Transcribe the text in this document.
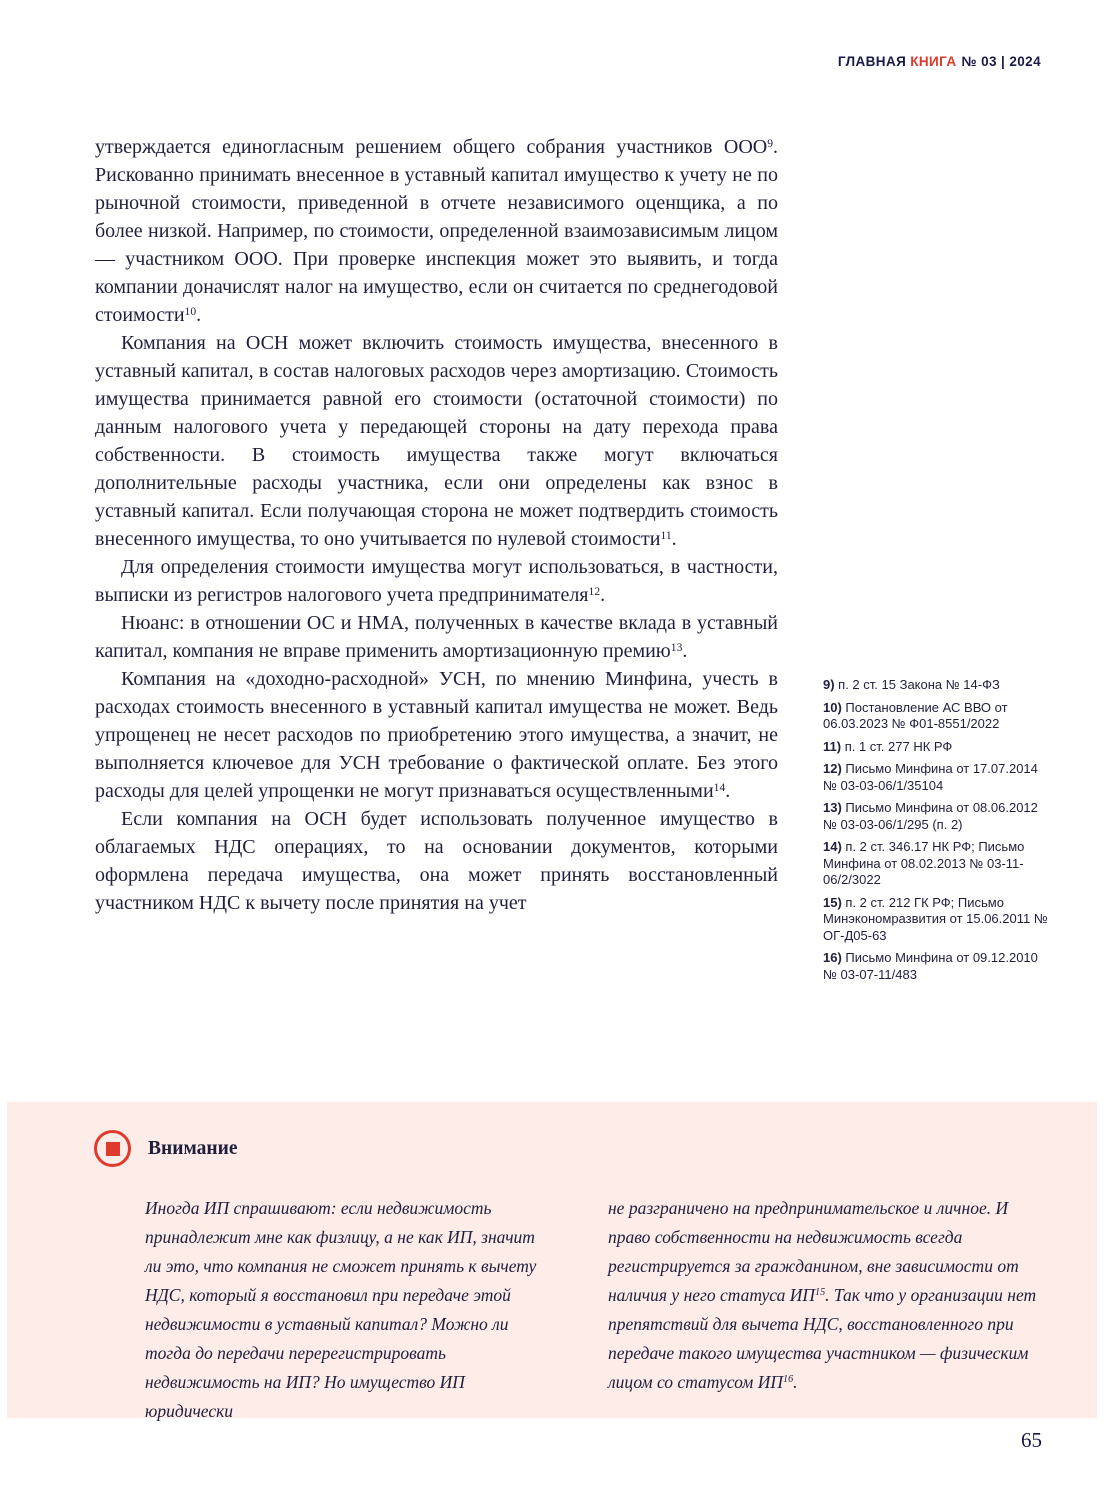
ГЛАВНАЯ КНИГА № 03 | 2024

утверждается единогласным решением общего собрания участников ООО$^9$. Рискованно принимать внесенное в уставный капитал имущество к учету не по рыночной стоимости, приведенной в отчете независимого оценщика, а по более низкой. Например, по стоимости, определенной взаимозависимым лицом — участником ООО. При проверке инспекция может это выявить, и тогда компании доначислят налог на имущество, если он считается по среднегодовой стоимости$^{10}$.

Компания на ОСН может включить стоимость имущества, внесенного в уставный капитал, в состав налоговых расходов через амортизацию. Стоимость имущества принимается равной его стоимости (остаточной стоимости) по данным налогового учета у передающей стороны на дату перехода права собственности. В стоимость имущества также могут включаться дополнительные расходы участника, если они определены как взнос в уставный капитал. Если получающая сторона не может подтвердить стоимость внесенного имущества, то оно учитывается по нулевой стоимости$^{11}$.

Для определения стоимости имущества могут использоваться, в частности, выписки из регистров налогового учета предпринимателя$^{12}$.

Нюанс: в отношении ОС и НМА, полученных в качестве вклада в уставный капитал, компания не вправе применить амортизационную премию$^{13}$.

Компания на «доходно-расходной» УСН, по мнению Минфина, учесть в расходах стоимость внесенного в уставный капитал имущества не может. Ведь упрощенец не несет расходов по приобретению этого имущества, а значит, не выполняется ключевое для УСН требование о фактической оплате. Без этого расходы для целей упрощенки не могут признаваться осуществленными$^{14}$.

Если компания на ОСН будет использовать полученное имущество в облагаемых НДС операциях, то на основании документов, которыми оформлена передача имущества, она может принять восстановленный участником НДС к вычету после принятия на учет

9) п. 2 ст. 15 Закона № 14-ФЗ
10) Постановление АС ВВО от 06.03.2023 № Ф01-8551/2022
11) п. 1 ст. 277 НК РФ
12) Письмо Минфина от 17.07.2014 № 03-03-06/1/35104
13) Письмо Минфина от 08.06.2012 № 03-03-06/1/295 (п. 2)
14) п. 2 ст. 346.17 НК РФ; Письмо Минфина от 08.02.2013 № 03-11-06/2/3022
15) п. 2 ст. 212 ГК РФ; Письмо Минэкономразвития от 15.06.2011 № ОГ-Д05-63
16) Письмо Минфина от 09.12.2010 № 03-07-11/483
Внимание
Иногда ИП спрашивают: если недвижимость принадлежит мне как физлицу, а не как ИП, значит ли это, что компания не сможет принять к вычету НДС, который я восстановил при передаче этой недвижимости в уставный капитал? Можно ли тогда до передачи перерегистрировать недвижимость на ИП? Но имущество ИП юридически
не разграничено на предпринимательское и личное. И право собственности на недвижимость всегда регистрируется за гражданином, вне зависимости от наличия у него статуса ИП$^{15}$. Так что у организации нет препятствий для вычета НДС, восстановленного при передаче такого имущества участником — физическим лицом со статусом ИП$^{16}$.
65
